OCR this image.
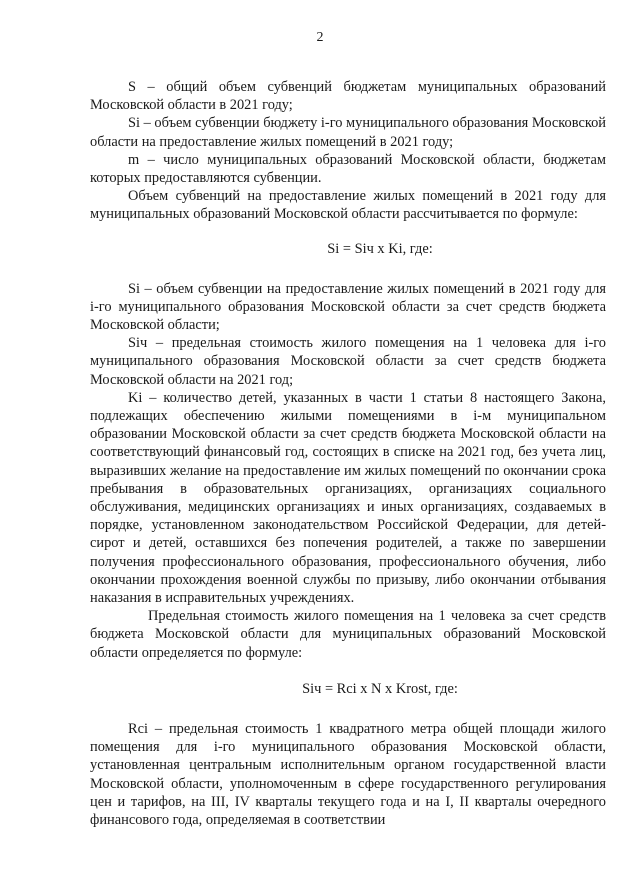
2

S – общий объем субвенций бюджетам муниципальных образований Московской области в 2021 году;

Si – объем субвенции бюджету i-го муниципального образования Московской области на предоставление жилых помещений в 2021 году;

m – число муниципальных образований Московской области, бюджетам которых предоставляются субвенции.

Объем субвенций на предоставление жилых помещений в 2021 году для муниципальных образований Московской области рассчитывается по формуле:

Si = Siч x Ki, где:

Si – объем субвенции на предоставление жилых помещений в 2021 году для i-го муниципального образования Московской области за счет средств бюджета Московской области;

Siч – предельная стоимость жилого помещения на 1 человека для i-го муниципального образования Московской области за счет средств бюджета Московской области на 2021 год;

Ki – количество детей, указанных в части 1 статьи 8 настоящего Закона, подлежащих обеспечению жилыми помещениями в i-м муниципальном образовании Московской области за счет средств бюджета Московской области на соответствующий финансовый год, состоящих в списке на 2021 год, без учета лиц, выразивших желание на предоставление им жилых помещений по окончании срока пребывания в образовательных организациях, организациях социального обслуживания, медицинских организациях и иных организациях, создаваемых в порядке, установленном законодательством Российской Федерации, для детей-сирот и детей, оставшихся без попечения родителей, а также по завершении получения профессионального образования, профессионального обучения, либо окончании прохождения военной службы по призыву, либо окончании отбывания наказания в исправительных учреждениях.

Предельная стоимость жилого помещения на 1 человека за счет средств бюджета Московской области для муниципальных образований Московской области определяется по формуле:

Siч = Rci x N x Krost, где:

Rci – предельная стоимость 1 квадратного метра общей площади жилого помещения для i-го муниципального образования Московской области, установленная центральным исполнительным органом государственной власти Московской области, уполномоченным в сфере государственного регулирования цен и тарифов, на III, IV кварталы текущего года и на I, II кварталы очередного финансового года, определяемая в соответствии
